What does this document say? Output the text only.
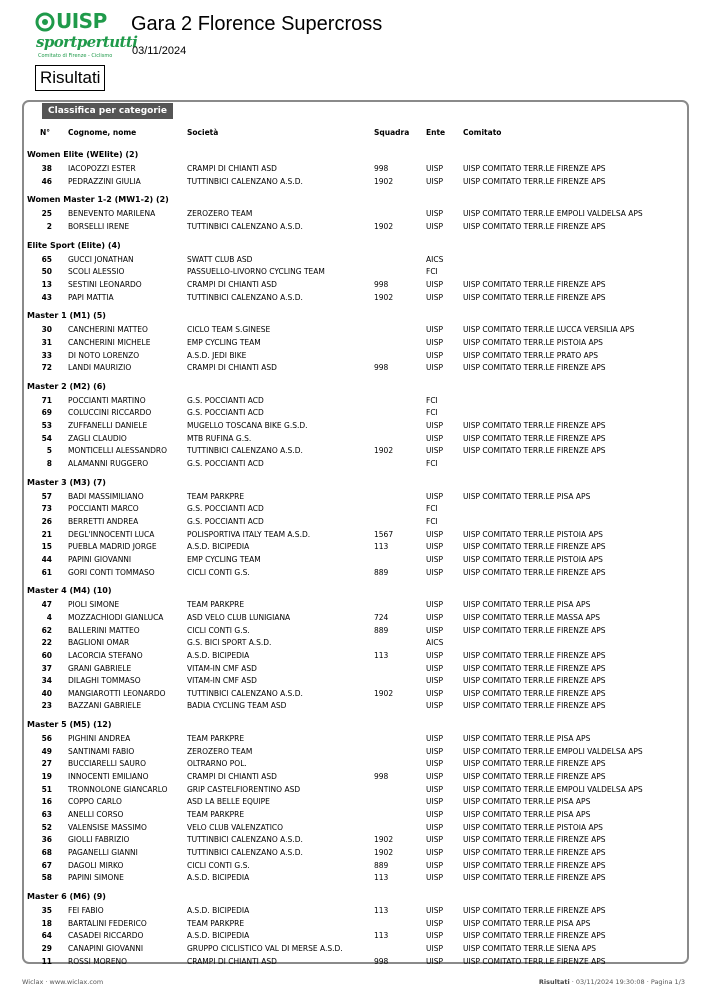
UISP
sportpertutti
Comitato di Firenze - Ciclismo
Gara 2 Florence Supercross
03/11/2024
Risultati
Classifica per categorie
N°	Cognome, nome	Società	Squadra Ente Comitato
Women Elite (WElite) (2)
38 IACOPOZZI ESTER	CRAMPI DI CHIANTI ASD	998	UISP	UISP COMITATO TERR.LE FIRENZE APS
46 PEDRAZZINI GIULIA	TUTTINBICI CALENZANO A.S.D.	1902	UISP	UISP COMITATO TERR.LE FIRENZE APS
Women Master 1-2 (MW1-2) (2)
25 BENEVENTO MARILENA	ZEROZERO TEAM	UISP	UISP COMITATO TERR.LE EMPOLI VALDELSA APS
2 BORSELLI IRENE	TUTTINBICI CALENZANO A.S.D.	1902	UISP	UISP COMITATO TERR.LE FIRENZE APS
Elite Sport (Elite) (4)
65 GUCCI JONATHAN	SWATT CLUB ASD	AICS
50 SCOLI ALESSIO	PASSUELLO-LIVORNO CYCLING TEAM	FCI
13 SESTINI LEONARDO	CRAMPI DI CHIANTI ASD	998	UISP	UISP COMITATO TERR.LE FIRENZE APS
43 PAPI MATTIA	TUTTINBICI CALENZANO A.S.D.	1902	UISP	UISP COMITATO TERR.LE FIRENZE APS
Master 1 (M1) (5)
30 CANCHERINI MATTEO	CICLO TEAM S.GINESE	UISP	UISP COMITATO TERR.LE LUCCA VERSILIA APS
31 CANCHERINI MICHELE	EMP CYCLING TEAM	UISP	UISP COMITATO TERR.LE PISTOIA APS
33 DI NOTO LORENZO	A.S.D. JEDI BIKE	UISP	UISP COMITATO TERR.LE PRATO APS
72 LANDI MAURIZIO	CRAMPI DI CHIANTI ASD	998	UISP	UISP COMITATO TERR.LE FIRENZE APS
Master 2 (M2) (6)
71 POCCIANTI MARTINO	G.S. POCCIANTI ACD	FCI
69 COLUCCINI RICCARDO	G.S. POCCIANTI ACD	FCI
53 ZUFFANELLI DANIELE	MUGELLO TOSCANA BIKE G.S.D.	UISP	UISP COMITATO TERR.LE FIRENZE APS
54 ZAGLI CLAUDIO	MTB RUFINA G.S.	UISP	UISP COMITATO TERR.LE FIRENZE APS
5 MONTICELLI ALESSANDRO	TUTTINBICI CALENZANO A.S.D.	1902	UISP	UISP COMITATO TERR.LE FIRENZE APS
8 ALAMANNI RUGGERO	G.S. POCCIANTI ACD	FCI
Master 3 (M3) (7)
57 BADI MASSIMILIANO	TEAM PARKPRE	UISP	UISP COMITATO TERR.LE PISA APS
73 POCCIANTI MARCO	G.S. POCCIANTI ACD	FCI
26 BERRETTI ANDREA	G.S. POCCIANTI ACD	FCI
21 DEGL'INNOCENTI LUCA	POLISPORTIVA ITALY TEAM A.S.D.	1567	UISP	UISP COMITATO TERR.LE PISTOIA APS
15 PUEBLA MADRID JORGE	A.S.D. BICIPEDIA	113	UISP	UISP COMITATO TERR.LE FIRENZE APS
44 PAPINI GIOVANNI	EMP CYCLING TEAM	UISP	UISP COMITATO TERR.LE PISTOIA APS
61 GORI CONTI TOMMASO	CICLI CONTI G.S.	889	UISP	UISP COMITATO TERR.LE FIRENZE APS
Master 4 (M4) (10)
47 PIOLI SIMONE	TEAM PARKPRE	UISP	UISP COMITATO TERR.LE PISA APS
4 MOZZACHIODI GIANLUCA	ASD VELO CLUB LUNIGIANA	724	UISP	UISP COMITATO TERR.LE MASSA APS
62 BALLERINI MATTEO	CICLI CONTI G.S.	889	UISP	UISP COMITATO TERR.LE FIRENZE APS
22 BAGLIONI OMAR	G.S. BICI SPORT A.S.D.	AICS
60 LACORCIA STEFANO	A.S.D. BICIPEDIA	113	UISP	UISP COMITATO TERR.LE FIRENZE APS
37 GRANI GABRIELE	VITAM-IN CMF ASD	UISP	UISP COMITATO TERR.LE FIRENZE APS
34 DILAGHI TOMMASO	VITAM-IN CMF ASD	UISP	UISP COMITATO TERR.LE FIRENZE APS
40 MANGIAROTTI LEONARDO	TUTTINBICI CALENZANO A.S.D.	1902	UISP	UISP COMITATO TERR.LE FIRENZE APS
23 BAZZANI GABRIELE	BADIA CYCLING TEAM ASD	UISP	UISP COMITATO TERR.LE FIRENZE APS
Master 5 (M5) (12)
56 PIGHINI ANDREA	TEAM PARKPRE	UISP	UISP COMITATO TERR.LE PISA APS
49 SANTINAMI FABIO	ZEROZERO TEAM	UISP	UISP COMITATO TERR.LE EMPOLI VALDELSA APS
27 BUCCIARELLI SAURO	OLTRARNO POL.	UISP	UISP COMITATO TERR.LE FIRENZE APS
19 INNOCENTI EMILIANO	CRAMPI DI CHIANTI ASD	998	UISP	UISP COMITATO TERR.LE FIRENZE APS
51 TRONNOLONE GIANCARLO	GRIP CASTELFIORENTINO ASD	UISP	UISP COMITATO TERR.LE EMPOLI VALDELSA APS
16 COPPO CARLO	ASD LA BELLE EQUIPE	UISP	UISP COMITATO TERR.LE PISA APS
63 ANELLI CORSO	TEAM PARKPRE	UISP	UISP COMITATO TERR.LE PISA APS
52 VALENSISE MASSIMO	VELO CLUB VALENZATICO	UISP	UISP COMITATO TERR.LE PISTOIA APS
36 GIOLLI FABRIZIO	TUTTINBICI CALENZANO A.S.D.	1902	UISP	UISP COMITATO TERR.LE FIRENZE APS
68 PAGANELLI GIANNI	TUTTINBICI CALENZANO A.S.D.	1902	UISP	UISP COMITATO TERR.LE FIRENZE APS
67 DAGOLI MIRKO	CICLI CONTI G.S.	889	UISP	UISP COMITATO TERR.LE FIRENZE APS
58 PAPINI SIMONE	A.S.D. BICIPEDIA	113	UISP	UISP COMITATO TERR.LE FIRENZE APS
Master 6 (M6) (9)
35 FEI FABIO	A.S.D. BICIPEDIA	113	UISP	UISP COMITATO TERR.LE FIRENZE APS
18 BARTALINI FEDERICO	TEAM PARKPRE	UISP	UISP COMITATO TERR.LE PISA APS
64 CASADEI RICCARDO	A.S.D. BICIPEDIA	113	UISP	UISP COMITATO TERR.LE FIRENZE APS
29 CANAPINI GIOVANNI	GRUPPO CICLISTICO VAL DI MERSE A.S.D.	UISP	UISP COMITATO TERR.LE SIENA APS
11 ROSSI MORENO	CRAMPI DI CHIANTI ASD	998	UISP	UISP COMITATO TERR.LE FIRENZE APS
Wiclax · www.wiclax.com	Risultati · 03/11/2024 19:30:08 · Pagina 1/3
